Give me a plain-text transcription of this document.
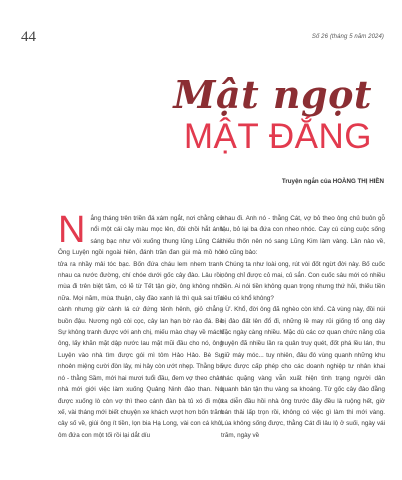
44	Số 26 (tháng 5 năm 2024)
Mật ngọt
MẬT ĐẮNG
Truyện ngắn của HOÀNG THỊ HIỀN
N ắng tháng trên triền đá xám ngắt, nơi chằng cỏ nổi một cái cây màu mọc lên, đôi chồi hắt ánh sáng bạc như vôi xuống thung lũng Lũng Cái. Ông Luyện ngồi ngoài hiên, đánh trần đan gùi mà mồ hôi tửa ra nhầy mải tóc bạc. Bốn đứa cháu lem nhem tranh nhau ca nước đường, chí chóe dưới gốc cây đào. Lâu rồi, mùa đi trên biệt tăm, có lẽ từ Tết tận giờ, ông không nhớ nữa. Mọi năm, mùa thuận, cây đào xanh lá thì quả sai trĩu cành nhưng giờ cành lá cứ đứng tênh hênh, giỏ chẳng buồn đậu. Nương ngô còi cọc, cây lan hạn bờ rào đá. Bè Sự không tranh được với anh chị, miếu mào chạy về mách ông, lấy khăn mặt dập nước lau mặt mũi đầu cho nó, ông Luyện vào nhà tìm được gói mì tôm Hảo Hảo. Bè Sự nhoẻn miệng cười đòn lây, mi hây còn ướt nhẹp. Thằng bố nó - thằng Sầm, mới hai mươi tuổi đầu, đem vợ theo chân nhà mới giới việc làm xuống Quảng Ninh đào than. Nó được xuống lò còn vợ thì theo cánh đàn bà tủ xó đi một xế, vài tháng mới biết chuyện xe khách vượt hơn bốn trăm cây số về, giúi ông ít tiền, lọn bia Hạ Long, vài con cá khô, ôm đứa con một tối rồi lại dắt díu

nhau đi. Anh nó - thằng Cát, vợ bỏ theo ông chủ buôn gỗ lậu, bỏ lại ba đứa con nheo nhóc. Cay cú cùng cuộc sống thiếu thốn nên nó sang Lũng Kim làm vàng. Lần nào về, nó cũng bảo:
- Chúng ta như loài ong, rút vòi đốt ngừt đời này. Bố cuốc nông chỉ được cỏ mai, củ sắn. Con cuốc sâu mới có nhiều tiền. Ai nói tiền không quan trọng nhưng thứ hỏi, thiếu tiền tiêu có khổ không?
- Ừ. Khổ, đời ông đã nghèo còn khổ. Cả vùng này, đồi núi bị đào đất lên đổ đi, những lề may rủi giống tổ ong dày đặc ngày càng nhiều. Mặc dù các cơ quan chức năng của huyện đã nhiều lần ra quân truy quét, đốt phá lều lán, thu giữ máy móc... tuy nhiên, đâu đó vùng quanh những khu vực được cấp phép cho các doanh nghiệp tư nhân khai thác quặng vàng vẫn xuất hiện tình trạng người dân quanh bản tận thu vàng sa khoáng. Từ gốc cây đào đằng xa diễn đầu hồi nhà ông trước đây đều là ruộng hết, giờ bán thải lấp trọn rồi, không có việc gì làm thì mới vàng. Lúa không sống được, thằng Cát đi lâu lộ ở suối, ngày vái trăm, ngày về
